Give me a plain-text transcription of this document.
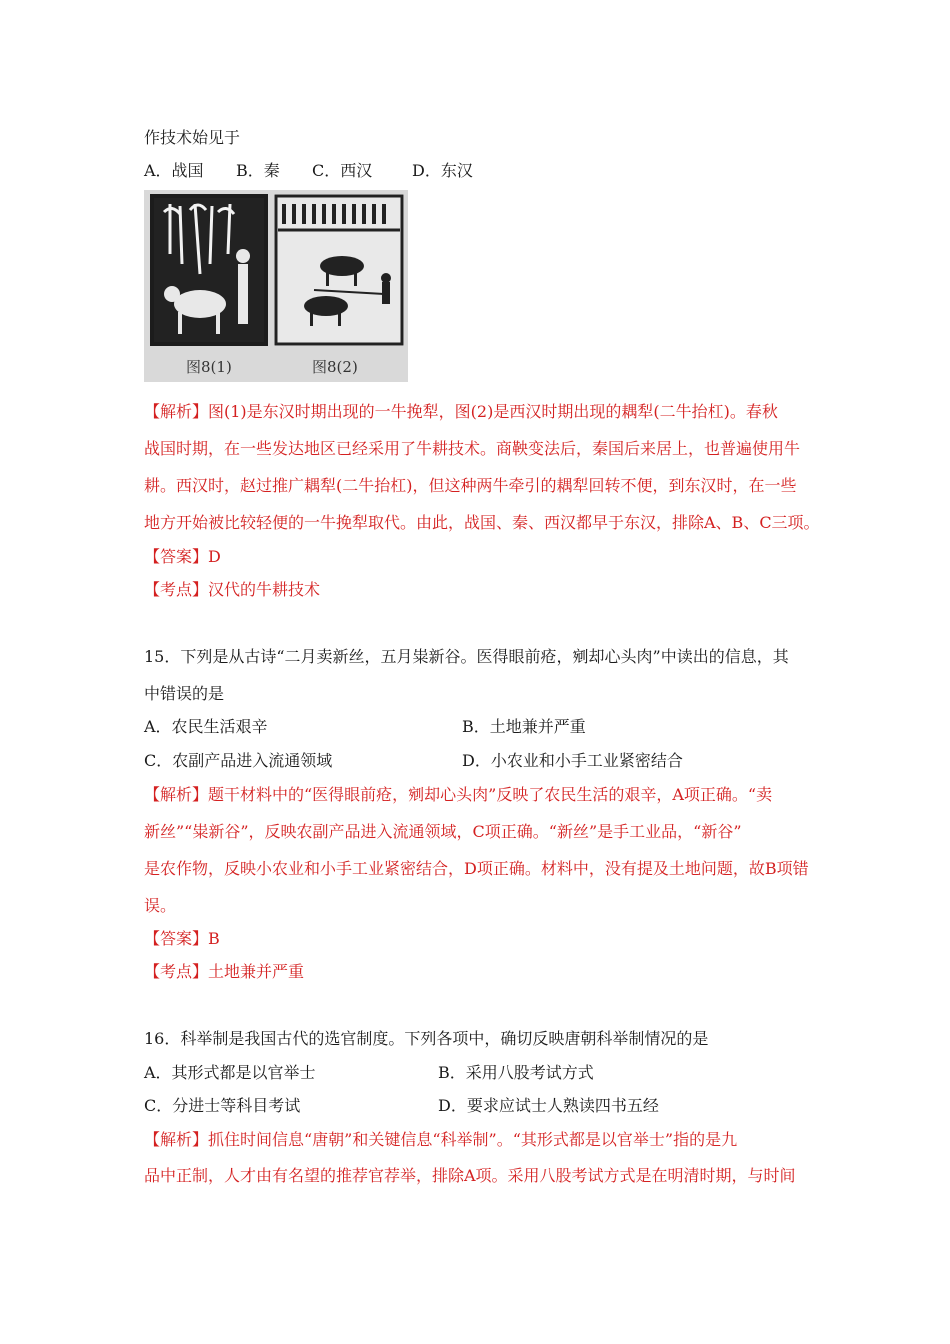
作技术始见于
A．战国 B．秦 C．西汉 D．东汉
图8(1)	图8(2)
【解析】图(1)是东汉时期出现的一牛挽犁，图(2)是西汉时期出现的耦犁(二牛抬杠)。春秋
战国时期，在一些发达地区已经采用了牛耕技术。商鞅变法后，秦国后来居上，也普遍使用牛
耕。西汉时，赵过推广耦犁(二牛抬杠)，但这种两牛牵引的耦犁回转不便，到东汉时，在一些
地方开始被比较轻便的一牛挽犁取代。由此，战国、秦、西汉都早于东汉，排除A、B、C三项。
【答案】D
【考点】汉代的牛耕技术
15．下列是从古诗“二月卖新丝，五月粜新谷。医得眼前疮，剜却心头肉”中读出的信息，其
中错误的是
A．农民生活艰辛	B．土地兼并严重
C．农副产品进入流通领域	D．小农业和小手工业紧密结合
【解析】题干材料中的“医得眼前疮，剜却心头肉”反映了农民生活的艰辛，A项正确。“卖
新丝”“粜新谷”，反映农副产品进入流通领域，C项正确。“新丝”是手工业品，“新谷”
是农作物，反映小农业和小手工业紧密结合，D项正确。材料中，没有提及土地问题，故B项错
误。
【答案】B
【考点】土地兼并严重
16．科举制是我国古代的选官制度。下列各项中，确切反映唐朝科举制情况的是
A．其形式都是以官举士	B．采用八股考试方式
C．分进士等科目考试	D．要求应试士人熟读四书五经
【解析】抓住时间信息“唐朝”和关键信息“科举制”。“其形式都是以官举士”指的是九
品中正制，人才由有名望的推荐官荐举，排除A项。采用八股考试方式是在明清时期，与时间
